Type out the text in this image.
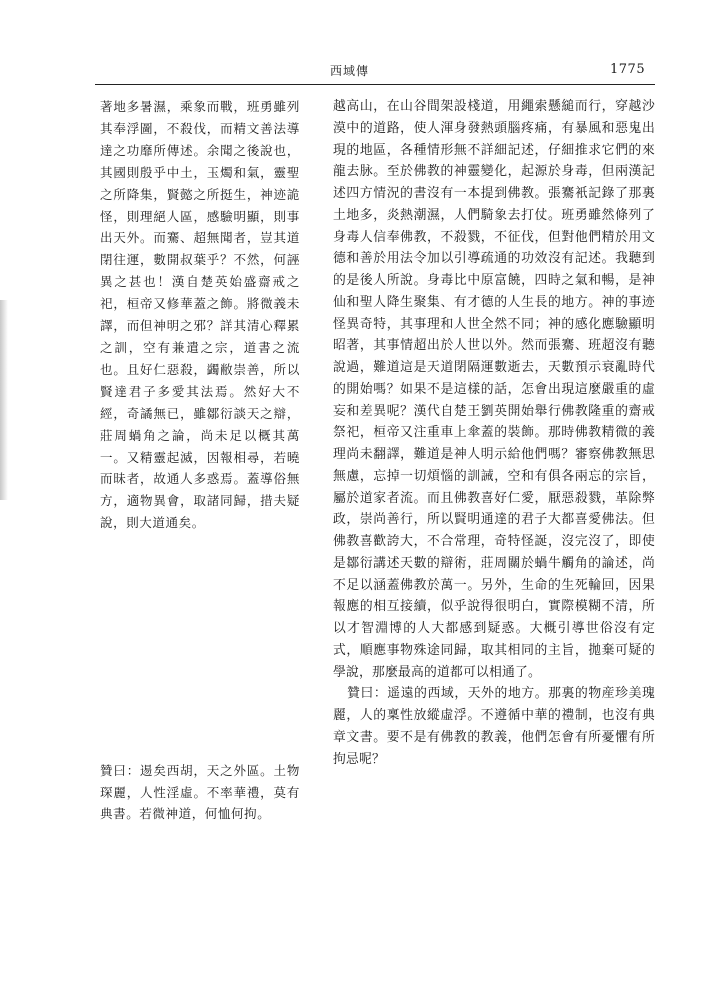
西域傳	1775

著地多暑濕，乘象而戰，班勇雖列其奉浮圖，不殺伐，而精文善法導達之功靡所傳述。余聞之後說也，其國則殷乎中土，玉燭和氣，靈聖之所降集，賢懿之所挺生，神迹詭怪，則理絕人區，感驗明顯，則事出天外。而騫、超無聞者，豈其道閉往運，數開叔葉乎？不然，何誣異之甚也！漢自楚英始盛齋戒之祀，桓帝又修華蓋之飾。將微義未譯，而但神明之邪？詳其清心釋累之訓，空有兼遣之宗，道書之流也。且好仁惡殺，蠲敝崇善，所以賢達君子多愛其法焉。然好大不經，奇譎無已，雖鄒衍談天之辯，莊周蝸角之論，尚未足以概其萬一。又精靈起滅，因報相尋，若曉而昧者，故通人多惑焉。蓋導俗無方，適物異會，取諸同歸，措夫疑說，則大道通矣。

贊曰：逷矣西胡，天之外區。土物琛麗，人性淫虛。不率華禮，莫有典書。若微神道，何恤何拘。

越高山，在山谷間架設棧道，用繩索懸縋而行，穿越沙漠中的道路，使人渾身發熱頭腦疼痛，有暴風和惡鬼出現的地區，各種情形無不詳細記述，仔細推求它們的來龍去脉。至於佛教的神靈變化，起源於身毒，但兩漢記述四方情況的書沒有一本提到佛教。張騫衹記錄了那裏土地多，炎熱潮濕，人們騎象去打仗。班勇雖然條列了身毒人信奉佛教，不殺戮，不征伐，但對他們精於用文德和善於用法令加以引導疏通的功效沒有記述。我聽到的是後人所說。身毒比中原富饒，四時之氣和暢，是神仙和聖人降生聚集、有才德的人生長的地方。神的事迹怪異奇特，其事理和人世全然不同；神的感化應驗顯明昭著，其事情超出於人世以外。然而張騫、班超沒有聽說過，難道這是天道閉隔運數逝去，天數預示衰亂時代的開始嗎？如果不是這樣的話，怎會出現這麼嚴重的虛妄和差異呢？漢代自楚王劉英開始舉行佛教隆重的齋戒祭祀，桓帝又注重車上傘蓋的裝飾。那時佛教精微的義理尚未翻譯，難道是神人明示給他們嗎？審察佛教無思無慮，忘掉一切煩惱的訓誡，空和有俱各兩忘的宗旨，屬於道家者流。而且佛教喜好仁愛，厭惡殺戮，革除弊政，崇尚善行，所以賢明通達的君子大都喜愛佛法。但佛教喜歡誇大，不合常理，奇特怪誕，沒完沒了，即使是鄒衍講述天數的辯術，莊周關於蝸牛觸角的論述，尚不足以涵蓋佛教於萬一。另外，生命的生死輪回，因果報應的相互接續，似乎說得很明白，實際模糊不清，所以才智淵博的人大都感到疑惑。大概引導世俗沒有定式，順應事物殊途同歸，取其相同的主旨，拋棄可疑的學說，那麼最高的道都可以相通了。

贊曰：遥遠的西域，天外的地方。那裏的物産珍美瑰麗，人的稟性放縱虛浮。不遵循中華的禮制，也沒有典章文書。要不是有佛教的教義，他們怎會有所憂懼有所拘忌呢？
